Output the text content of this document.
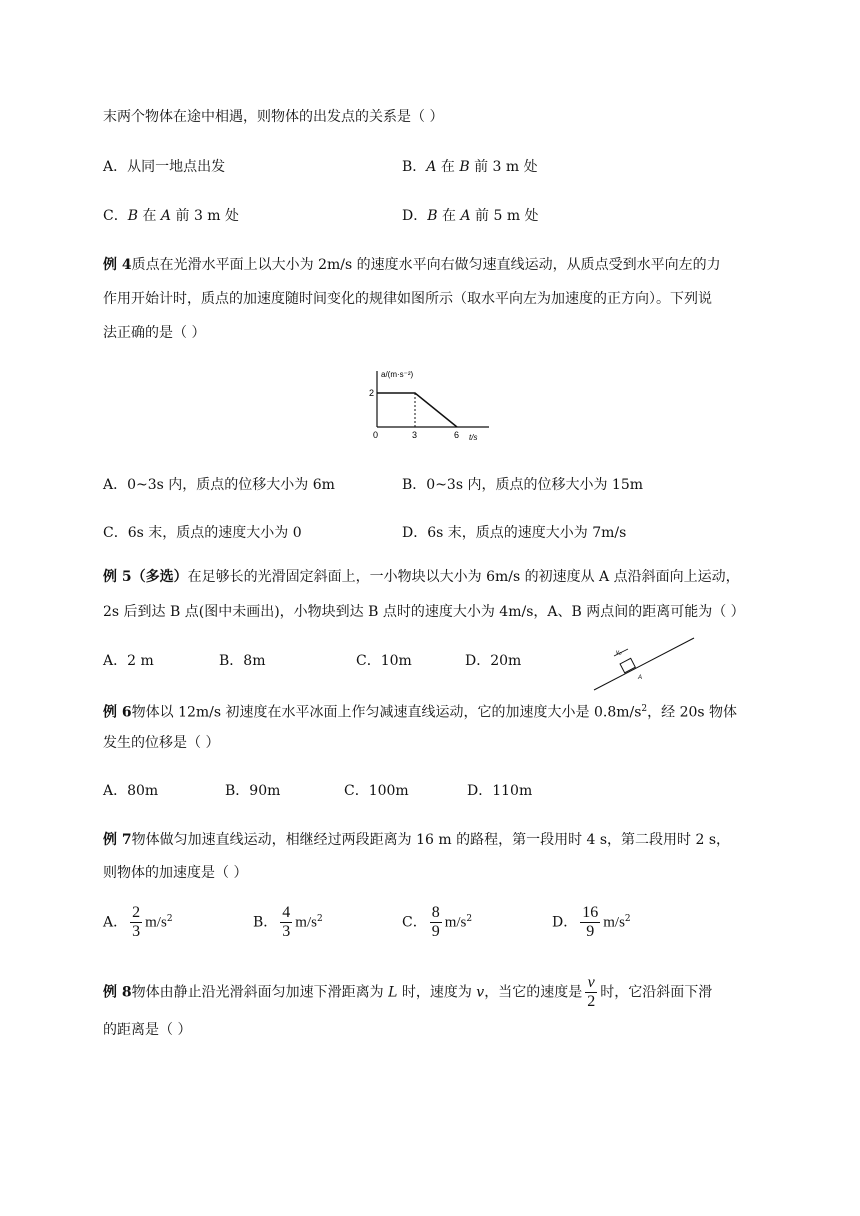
末两个物体在途中相遇，则物体的出发点的关系是（ ）
A．从同一地点出发	B．A 在 B 前 3 m 处
C．B 在 A 前 3 m 处	D．B 在 A 前 5 m 处
例 4质点在光滑水平面上以大小为 2m/s 的速度水平向右做匀速直线运动，从质点受到水平向左的力
作用开始计时，质点的加速度随时间变化的规律如图所示（取水平向左为加速度的正方向）。下列说
法正确的是（ ）
a/(m·s⁻²)
2
0	3	6 t/s
A．0~3s 内，质点的位移大小为 6m	B．0~3s 内，质点的位移大小为 15m
C．6s 末，质点的速度大小为 0	D．6s 末，质点的速度大小为 7m/s
例 5（多选）在足够长的光滑固定斜面上，一小物块以大小为 6m/s 的初速度从 A 点沿斜面向上运动，
2s 后到达 B 点(图中未画出)，小物块到达 B 点时的速度大小为 4m/s，A、B 两点间的距离可能为（ ）
A．2 m	B．8m	C．10m	D．20m	v₀
A
例 6物体以 12m/s 初速度在水平冰面上作匀减速直线运动，它的加速度大小是 $0.8m/s^2$，经 20s 物体
发生的位移是（ ）
A．80m	B．90m	C．100m	D．110m
例 7物体做匀加速直线运动，相继经过两段距离为 16 m 的路程，第一段用时 4 s，第二段用时 2 s，
则物体的加速度是（ ）
A． $\frac{2}{3} m/s^2$	B． $\frac{4}{3} m/s^2$	C． $\frac{8}{9} m/s^2$	D． $\frac{16}{9} m/s^2$
例 8物体由静止沿光滑斜面匀加速下滑距离为 L 时，速度为 v，当它的速度是 $\frac{v}{2}$ 时，它沿斜面下滑
的距离是（ ）
